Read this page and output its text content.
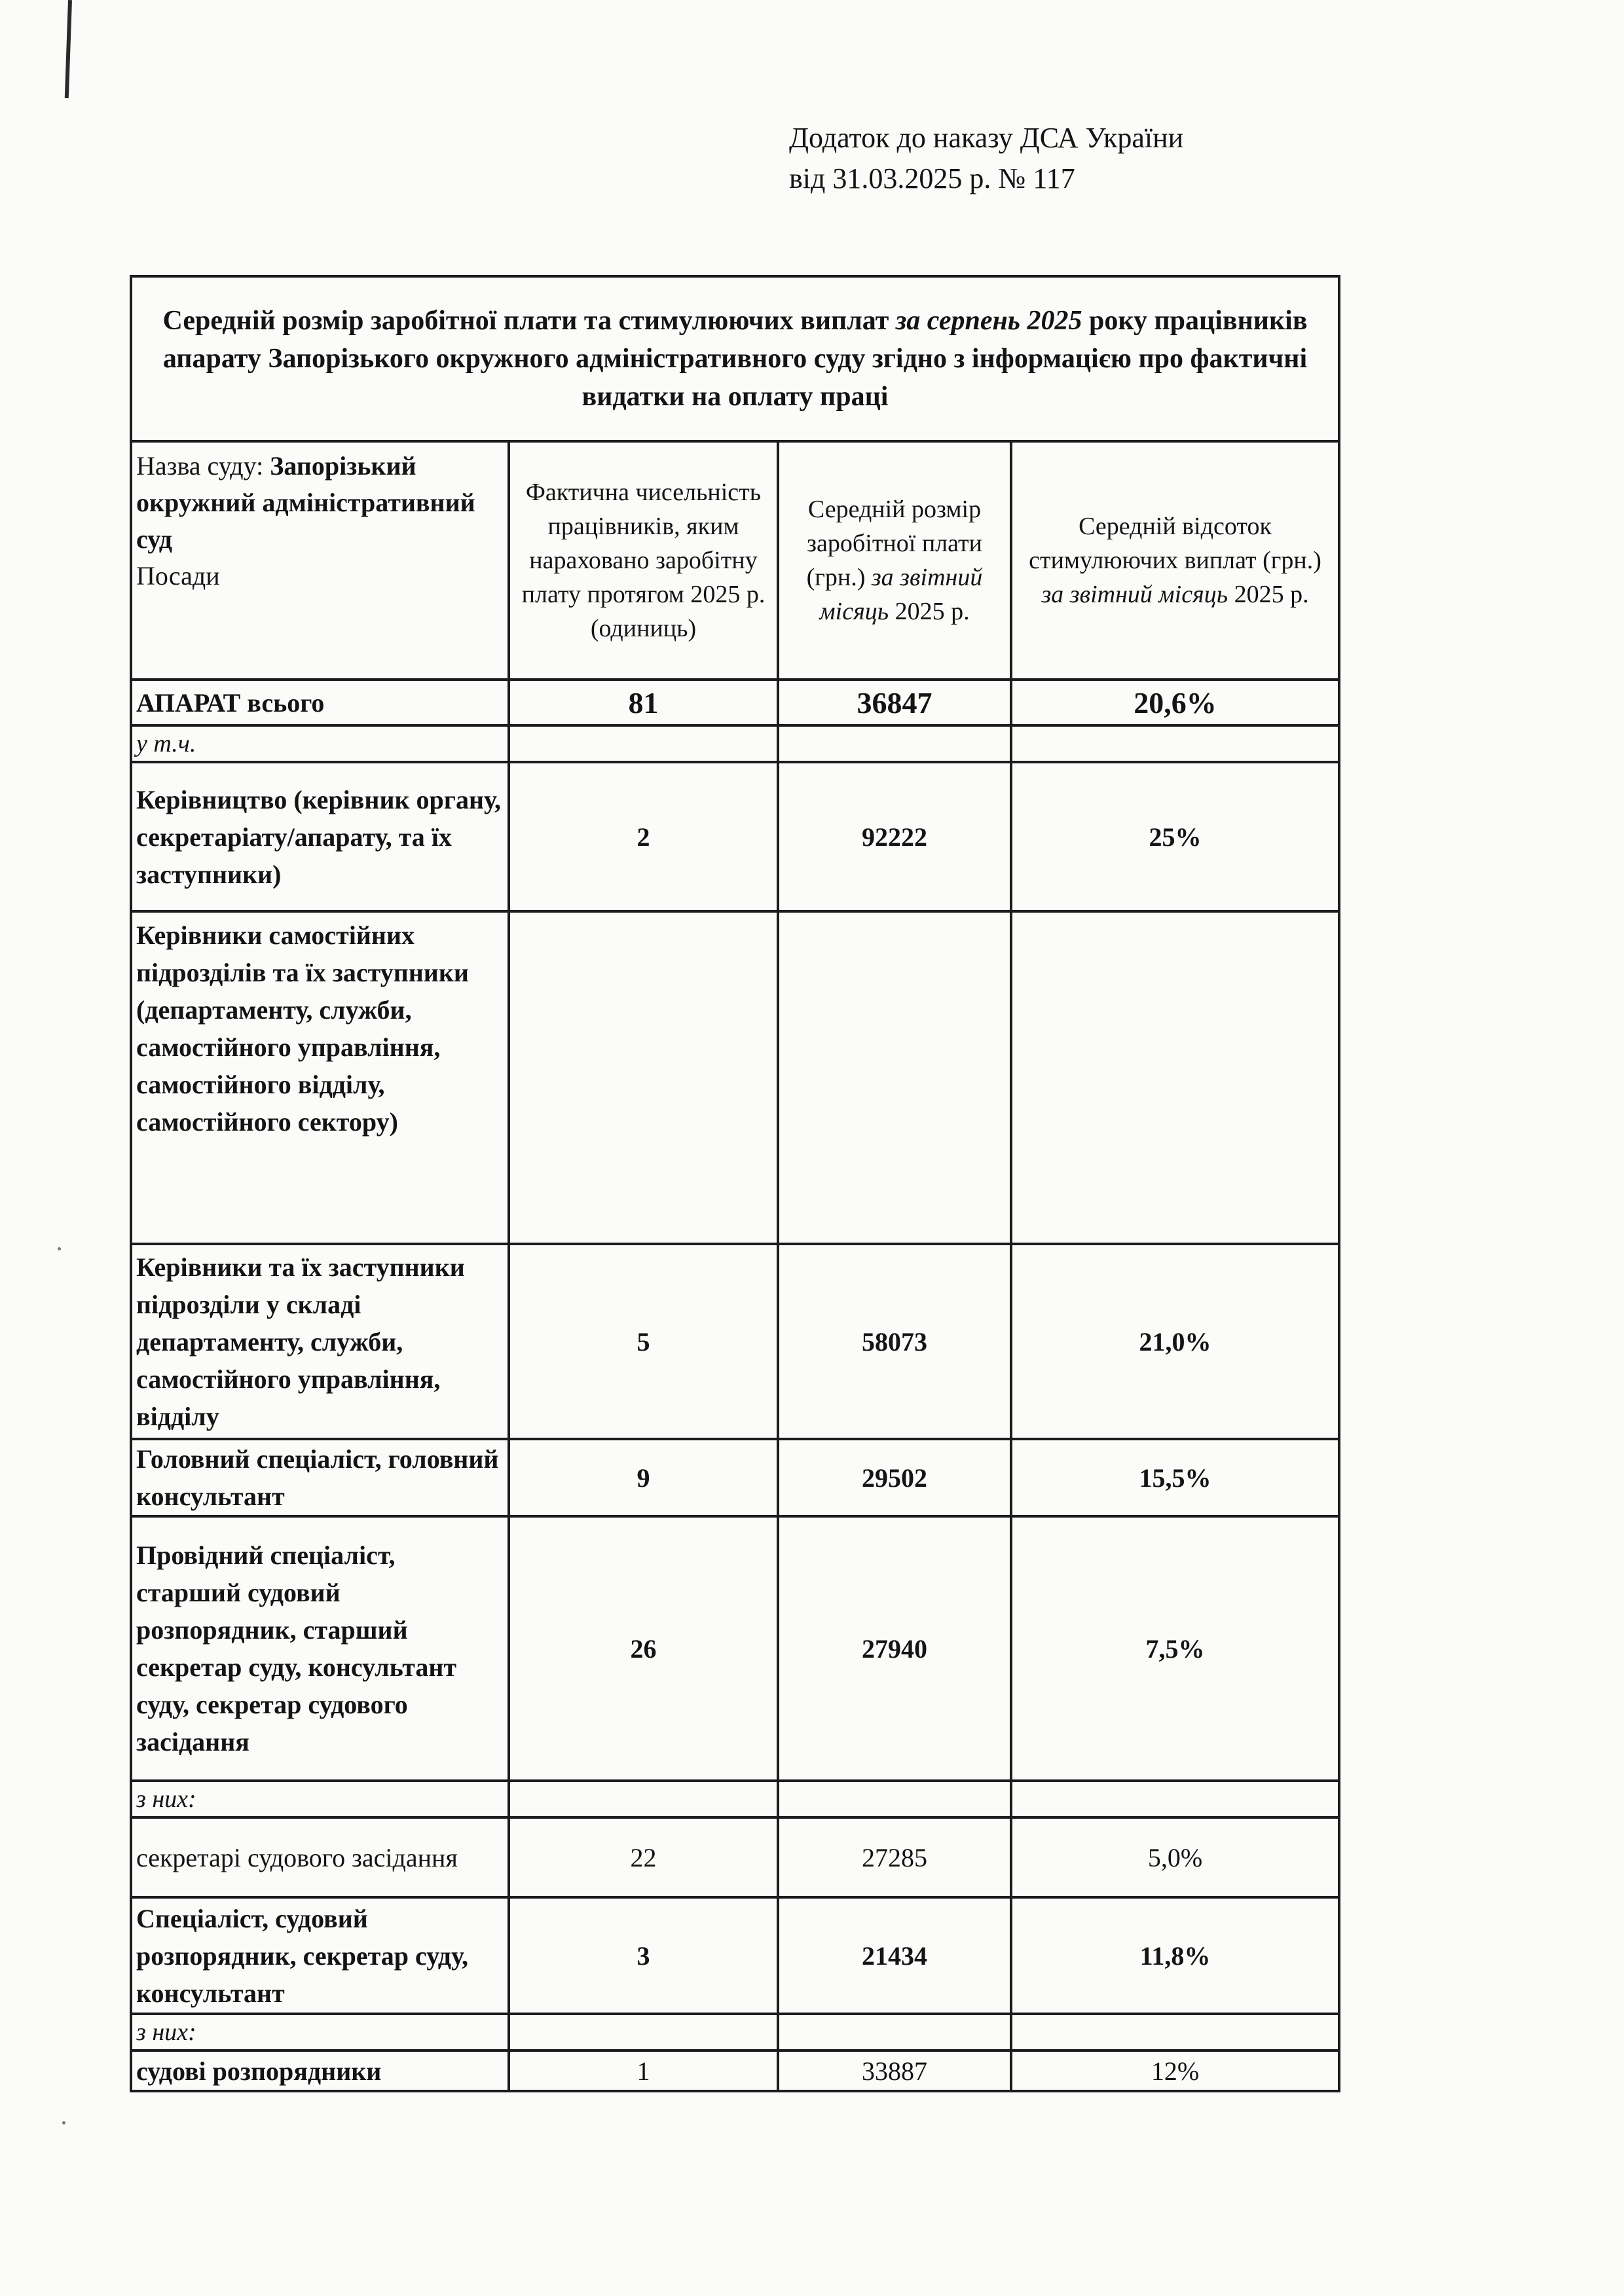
Додаток до наказу ДСА України
від 31.03.2025 р. № 117
Середній розмір заробітної плати та стимулюючих виплат за серпень 2025 року працівників апарату Запорізького окружного адміністративного суду згідно з інформацією про фактичні видатки на оплату праці			
Назва суду: Запорізький окружний адміністративний суд
Посади	Фактична чисельність працівників, яким нараховано заробітну плату протягом 2025 р.(одиниць)	Середній розмір заробітної плати (грн.) за звітний місяць 2025 р.	Середній відсоток стимулюючих виплат (грн.) за звітний місяць 2025 р.
АПАРАТ всього	81	36847	20,6%
у т.ч.			
Керівництво (керівник органу, секретаріату/апарату, та їх заступники)	2	92222	25%
Керівники самостійних підрозділів та їх заступники (департаменту, служби, самостійного управління, самостійного відділу, самостійного сектору)			
Керівники та їх заступники підрозділи у складі департаменту, служби, самостійного управління, відділу	5	58073	21,0%
Головний спеціаліст, головний консультант	9	29502	15,5%
Провідний спеціаліст, старший судовий розпорядник, старший секретар суду, консультант суду, секретар судового засідання	26	27940	7,5%
з них:			
секретарі судового засідання	22	27285	5,0%
Спеціаліст, судовий розпорядник, секретар суду, консультант	3	21434	11,8%
з них:			
судові розпорядники	1	33887	12%
